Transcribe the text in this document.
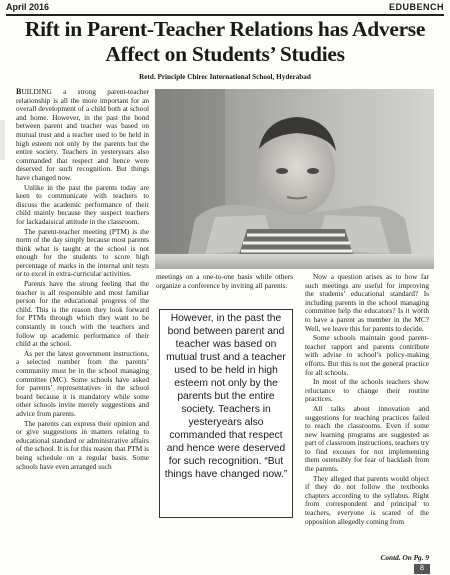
April 2016	EDUBENCH
Rift in Parent-Teacher Relations has Adverse Affect on Students’ Studies
Retd. Principle Chirec International School, Hyderabad

BUILDING a strong parent-teacher relationship is all the more important for an overall development of a child both at school and home. However, in the past the bond between parent and teacher was based on mutual trust and a teacher used to be held in high esteem not only by the parents but the entire society. Teachers in yesteryears also commanded that respect and hence were deserved for such recognition. But things have changed now.

Unlike in the past the parents today are keen to communicate with teachers to discuss the academic performance of their child mainly because they suspect teachers for lackadaisical attitude in the classroom.

The parent-teacher meeting (PTM) is the norm of the day simply because most parents think what is taught at the school is not enough for the students to score high percentage of marks in the internal unit tests or to excel in extra-curricular activities.

Parents have the strong feeling that the teacher is all responsible and most familiar person for the educational progress of the child. This is the reason they look forward for PTMs through which they want to be constantly in touch with the teachers and follow up academic performance of their child at the school.

As per the latest government instructions, a selected number from the parents’ community must be in the school managing committee (MC). Some schools have asked for parents’ representatives in the school board because it is mandatory while some other schools invite merely suggestions and advice from parents.

The parents can express their opinion and or give suggestions in matters relating to educational standard or administrative affairs of the school. It is for this reason that PTM is being schedule on a regular basis. Some schools have even arranged such

meetings on a one-to-one basis while others organize a conference by inviting all parents.

However, in the past the bond between parent and teacher was based on mutual trust and a teacher used to be held in high esteem not only by the parents but the entire society. Teachers in yesteryears also commanded that respect and hence were deserved for such recognition. “But things have changed now.”

Now a question arises as to how far such meetings are useful for improving the students’ educational standard? Is including parents in the school managing committee help the educators? Is it worth to have a parent as member in the MC? Well, we leave this for parents to decide.

Some schools maintain good parent-teacher rapport and parents contribute with advise to school’s policy-making efforts. But this is not the general practice for all schools.

In most of the schools teachers show reluctance to change their routine practices.

All talks about innovation and suggestions for teaching practices failed to reach the classrooms. Even if some new learning programs are suggested as part of classroom instructions, teachers try to find excuses for not implementing them ostensibly for fear of backlash from the parents.

They alleged that parents would object if they do not follow the textbooks chapters according to the syllabus. Right from correspondent and principal to teachers, everyone is scared of the opposition allegedly coming from

Contd. On Pg. 9
8
